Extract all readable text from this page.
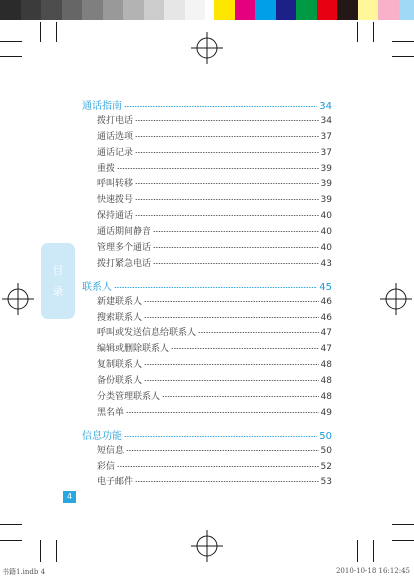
目
录
通话指南	34
拨打电话	34
通话选项	37
通话记录	37
重拨	39
呼叫转移	39
快速拨号	39
保持通话	40
通话期间静音	40
管理多个通话	40
拨打紧急电话	43
联系人	45
新建联系人	46
搜索联系人	46
呼叫或发送信息给联系人	47
编辑或删除联系人	47
复制联系人	48
备份联系人	48
分类管理联系人	48
黑名单	49
信息功能	50
短信息	50
彩信	52
电子邮件	53
4
书籍1.indb 4	2010-10-18 16:12:45
